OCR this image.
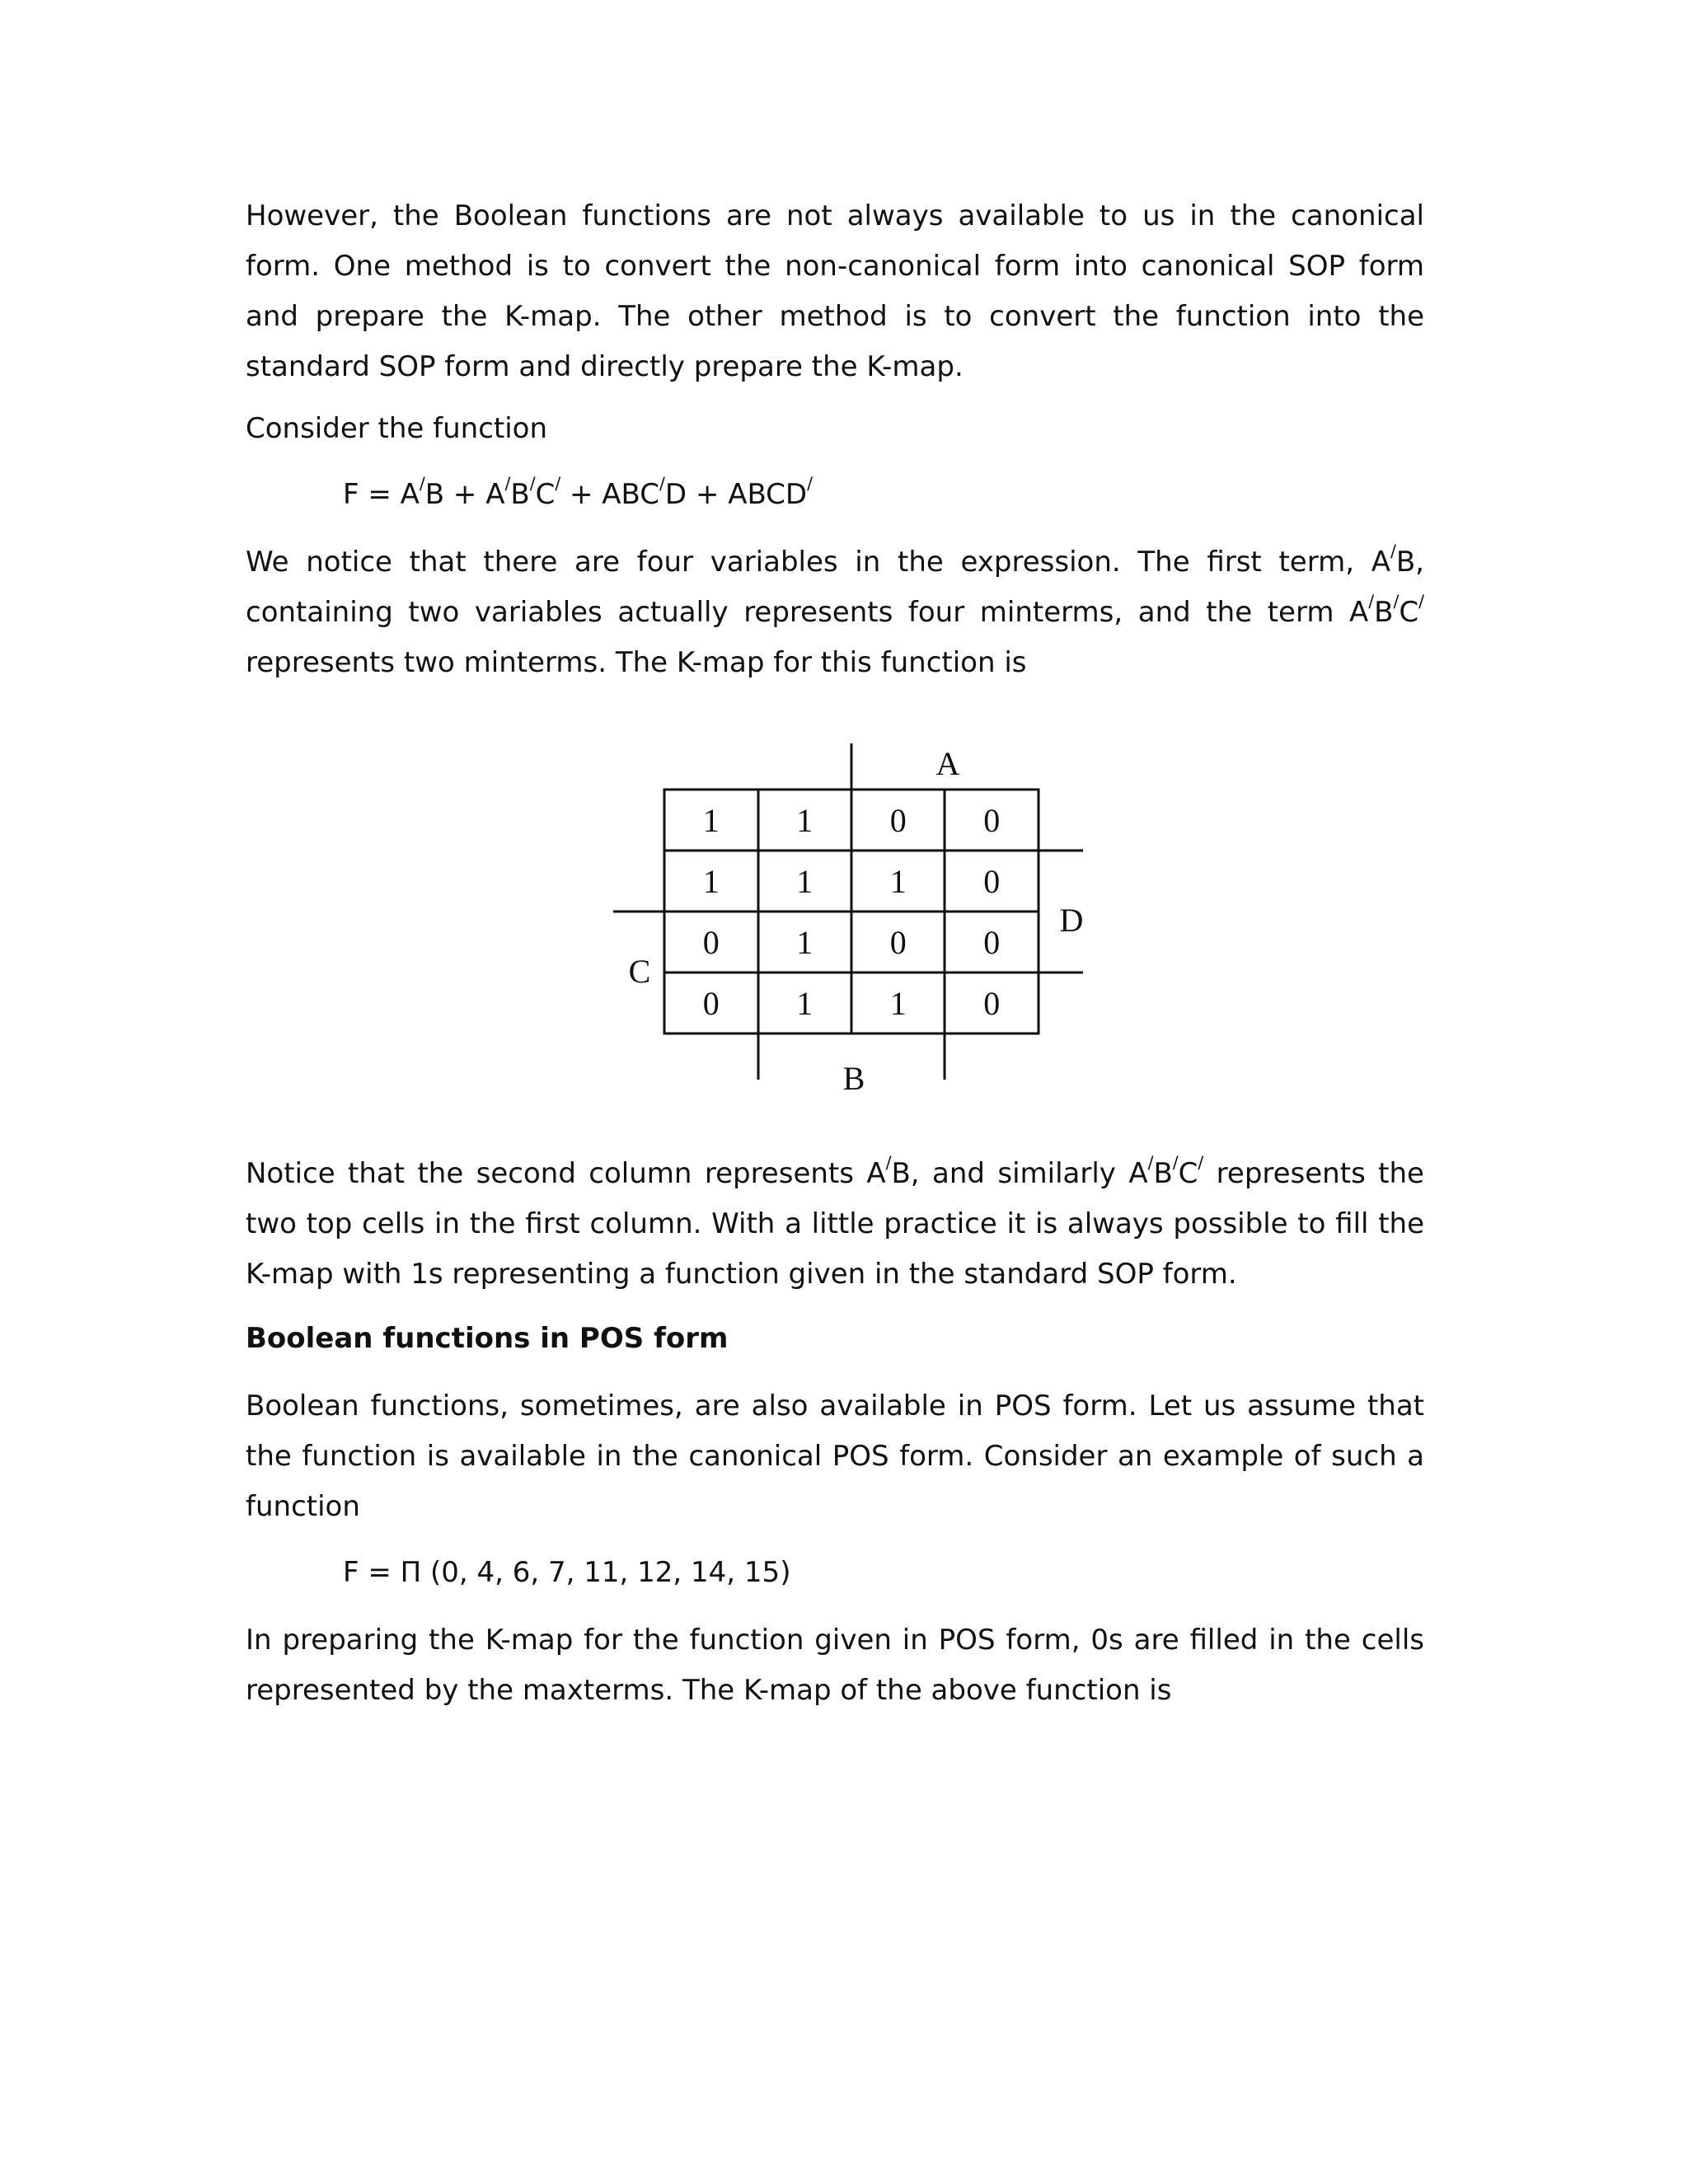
However, the Boolean functions are not always available to us in the canonical form. One method is to convert the non-canonical form into canonical SOP form and prepare the K-map. The other method is to convert the function into the standard SOP form and directly prepare the K-map.

Consider the function

F = A/B + A/B/C/ + ABC/D + ABCD/

We notice that there are four variables in the expression. The first term, A/B, containing two variables actually represents four minterms, and the term A/B/C/ represents two minterms. The K-map for this function is

A
D
C
B
1 1 0 0
1 1 1 0
0 1 0 0
0 1 1 0

Notice that the second column represents A/B, and similarly A/B/C/ represents the two top cells in the first column. With a little practice it is always possible to fill the K-map with 1s representing a function given in the standard SOP form.

Boolean functions in POS form

Boolean functions, sometimes, are also available in POS form. Let us assume that the function is available in the canonical POS form. Consider an example of such a function

F = Π (0, 4, 6, 7, 11, 12, 14, 15)

In preparing the K-map for the function given in POS form, 0s are filled in the cells represented by the maxterms. The K-map of the above function is
